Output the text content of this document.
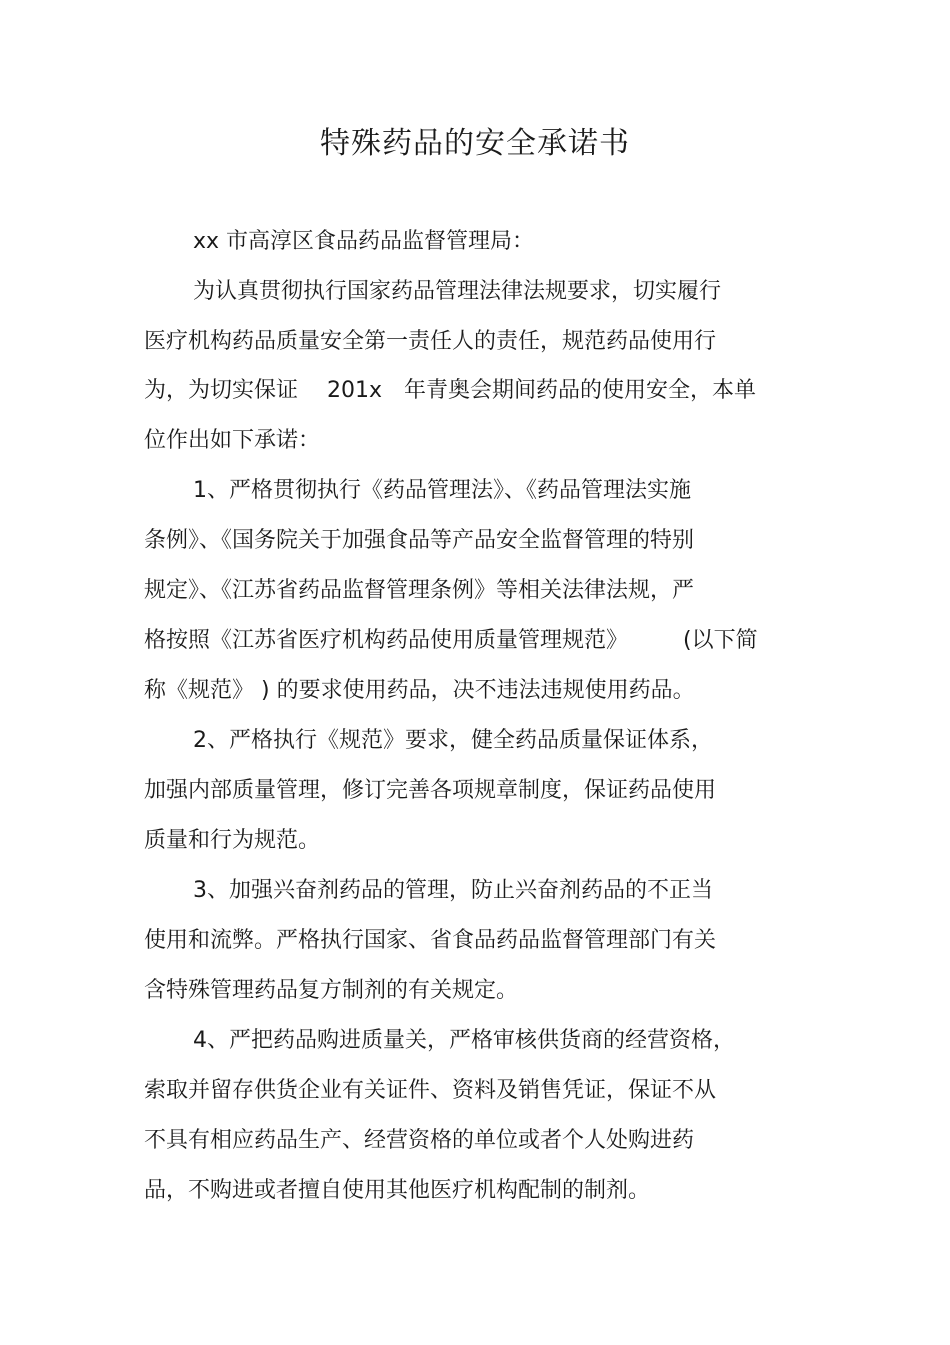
特殊药品的安全承诺书
xx 市高淳区食品药品监督管理局：
为认真贯彻执行国家药品管理法律法规要求，切实履行
医疗机构药品质量安全第一责任人的责任，规范药品使用行
为，为切实保证　 201x　年青奥会期间药品的使用安全，本单
位作出如下承诺：
1、严格贯彻执行《药品管理法》、《药品管理法实施
条例》、《国务院关于加强食品等产品安全监督管理的特别
规定》、《江苏省药品监督管理条例》等相关法律法规，严
格按照《江苏省医疗机构药品使用质量管理规范》　　　(以下简
称《规范》 ) 的要求使用药品，决不违法违规使用药品。
2、严格执行《规范》要求，健全药品质量保证体系，
加强内部质量管理，修订完善各项规章制度，保证药品使用
质量和行为规范。
3、加强兴奋剂药品的管理，防止兴奋剂药品的不正当
使用和流弊。严格执行国家、省食品药品监督管理部门有关
含特殊管理药品复方制剂的有关规定。
4、严把药品购进质量关，严格审核供货商的经营资格，
索取并留存供货企业有关证件、资料及销售凭证，保证不从
不具有相应药品生产、经营资格的单位或者个人处购进药
品，不购进或者擅自使用其他医疗机构配制的制剂。
